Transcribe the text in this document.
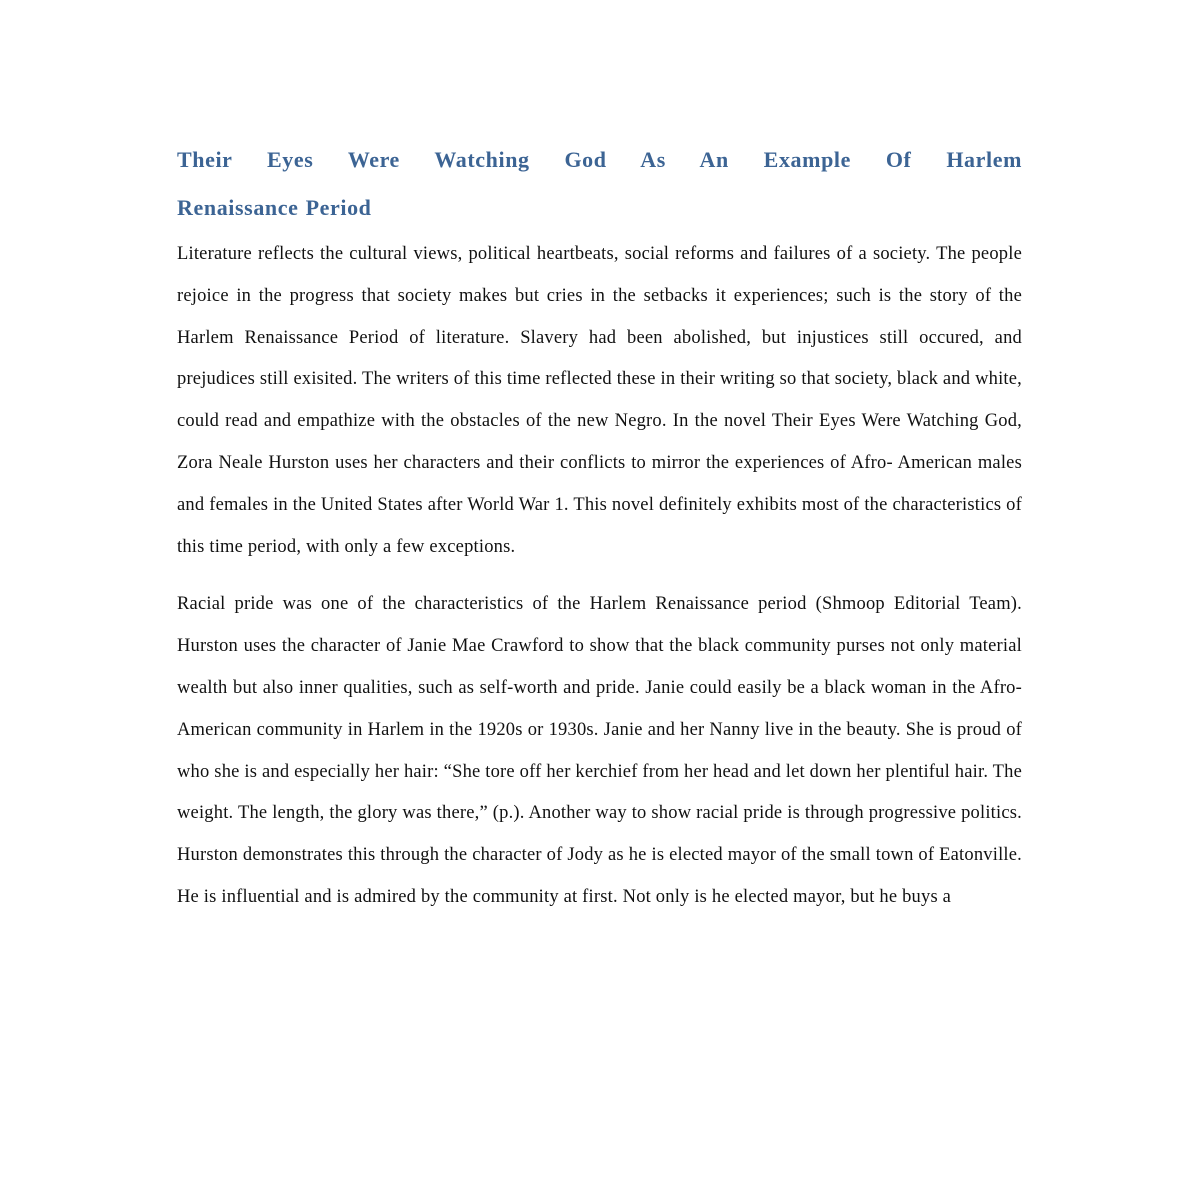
Their Eyes Were Watching God As An Example Of Harlem
Renaissance Period

Literature reflects the cultural views, political heartbeats, social reforms and failures of a society. The people rejoice in the progress that society makes but cries in the setbacks it experiences; such is the story of the Harlem Renaissance Period of literature. Slavery had been abolished, but injustices still occured, and prejudices still exisited. The writers of this time reflected these in their writing so that society, black and white, could read and empathize with the obstacles of the new Negro. In the novel Their Eyes Were Watching God, Zora Neale Hurston uses her characters and their conflicts to mirror the experiences of Afro- American males and females in the United States after World War 1. This novel definitely exhibits most of the characteristics of this time period, with only a few exceptions.

Racial pride was one of the characteristics of the Harlem Renaissance period (Shmoop Editorial Team). Hurston uses the character of Janie Mae Crawford to show that the black community purses not only material wealth but also inner qualities, such as self-worth and pride. Janie could easily be a black woman in the Afro-American community in Harlem in the 1920s or 1930s. Janie and her Nanny live in the beauty. She is proud of who she is and especially her hair: “She tore off her kerchief from her head and let down her plentiful hair. The weight. The length, the glory was there,” (p.). Another way to show racial pride is through progressive politics. Hurston demonstrates this through the character of Jody as he is elected mayor of the small town of Eatonville. He is influential and is admired by the community at first. Not only is he elected mayor, but he buys a
